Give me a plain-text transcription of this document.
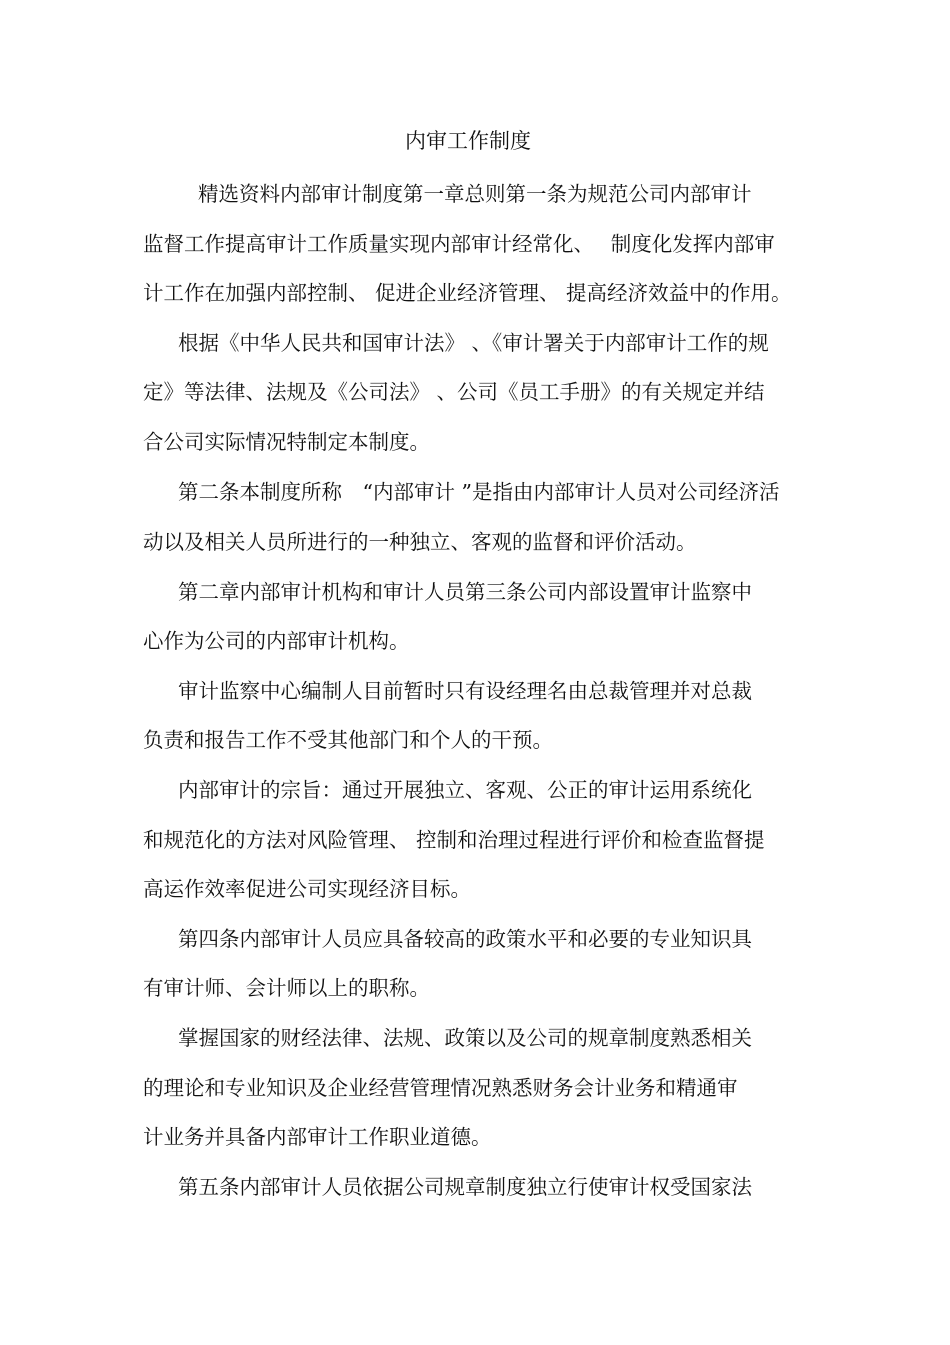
内审工作制度
精选资料内部审计制度第一章总则第一条为规范公司内部审计
监督工作提高审计工作质量实现内部审计经常化、　 制度化发挥内部审
计工作在加强内部控制、 促进企业经济管理、 提高经济效益中的作用。
根据《中华人民共和国审计法》 、《审计署关于内部审计工作的规
定》等法律、法规及《公司法》 、公司《员工手册》的有关规定并结
合公司实际情况特制定本制度。
第二条本制度所称　“内部审计 ”是指由内部审计人员对公司经济活
动以及相关人员所进行的一种独立、客观的监督和评价活动。
第二章内部审计机构和审计人员第三条公司内部设置审计监察中
心作为公司的内部审计机构。
审计监察中心编制人目前暂时只有设经理名由总裁管理并对总裁
负责和报告工作不受其他部门和个人的干预。
内部审计的宗旨：通过开展独立、客观、公正的审计运用系统化
和规范化的方法对风险管理、 控制和治理过程进行评价和检查监督提
高运作效率促进公司实现经济目标。
第四条内部审计人员应具备较高的政策水平和必要的专业知识具
有审计师、会计师以上的职称。
掌握国家的财经法律、法规、政策以及公司的规章制度熟悉相关
的理论和专业知识及企业经营管理情况熟悉财务会计业务和精通审
计业务并具备内部审计工作职业道德。
第五条内部审计人员依据公司规章制度独立行使审计权受国家法
